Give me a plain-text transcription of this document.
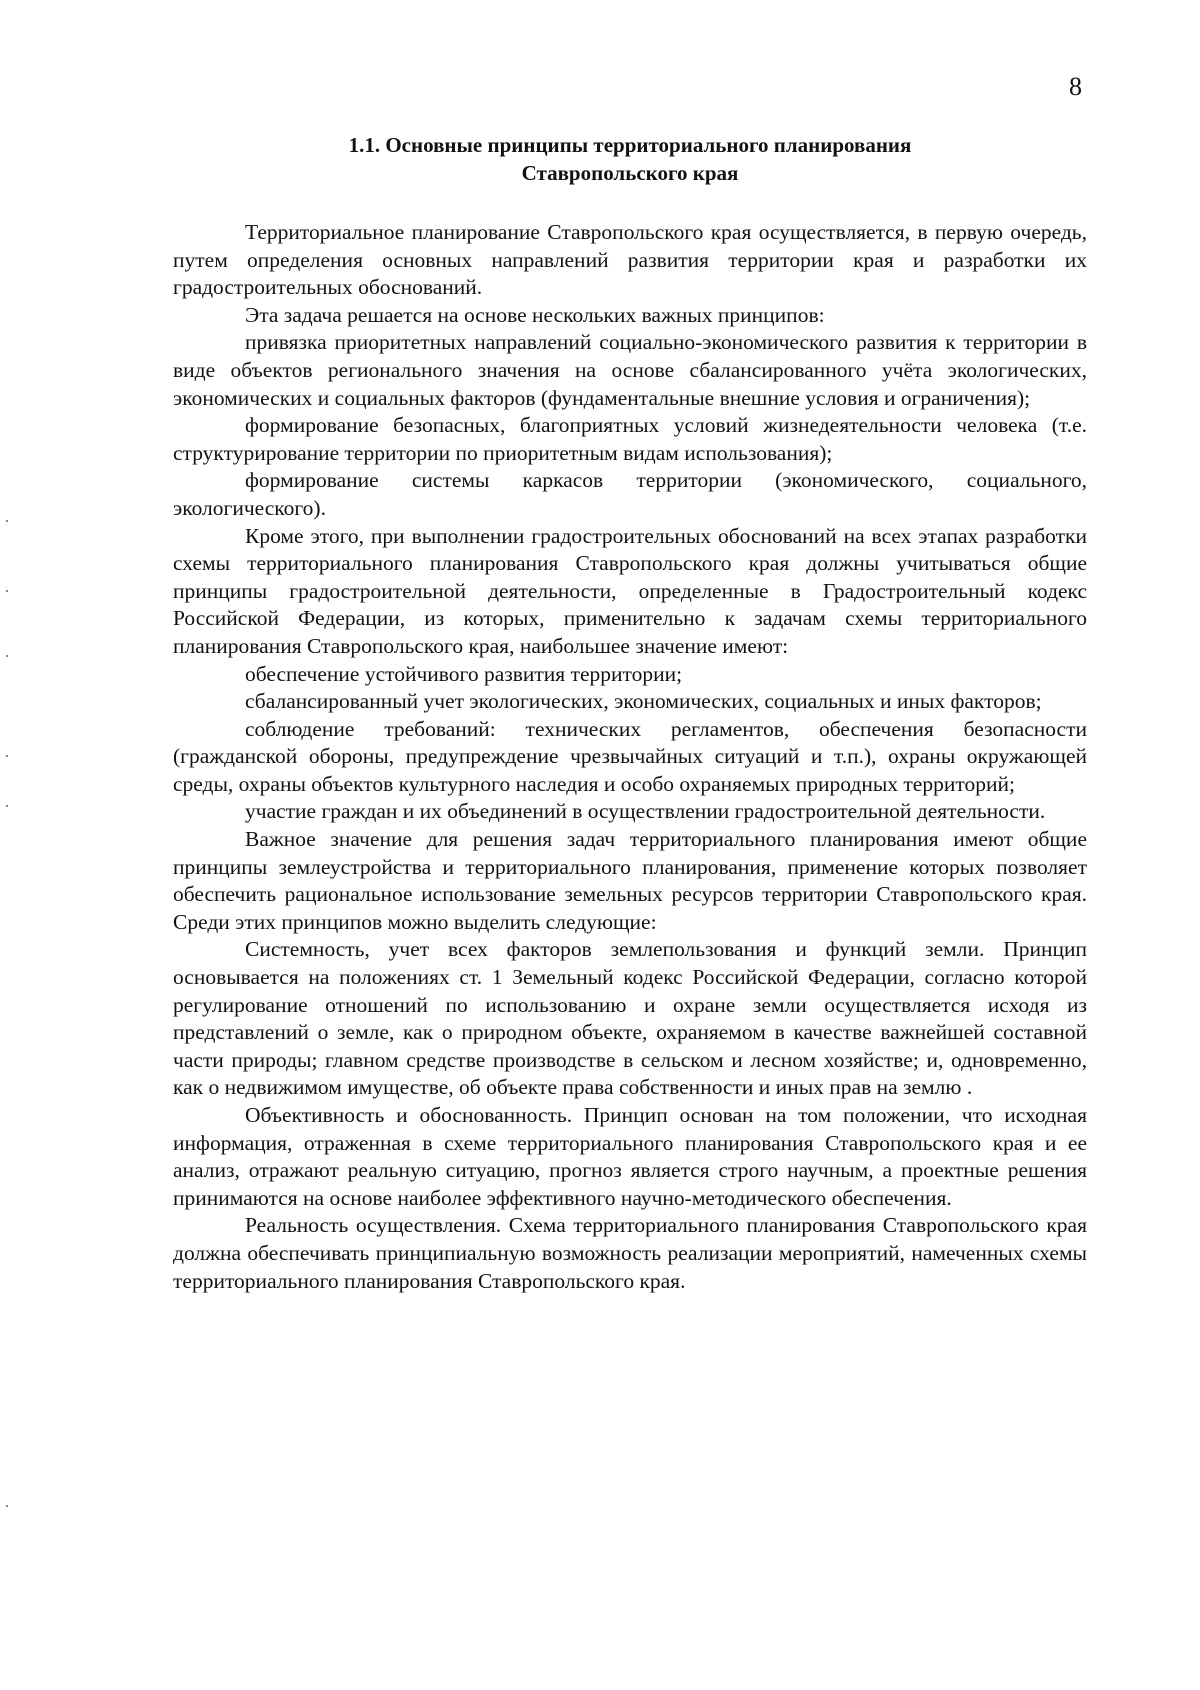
8
1.1. Основные принципы территориального планирования
Ставропольского края

Территориальное планирование Ставропольского края осуществляется, в первую очередь, путем определения основных направлений развития территории края и разработки их градостроительных обоснований.

Эта задача решается на основе нескольких важных принципов:

привязка приоритетных направлений социально-экономического развития к территории в виде объектов регионального значения на основе сбалансированного учёта экологических, экономических и социальных факторов (фундаментальные внешние условия и ограничения);

формирование безопасных, благоприятных условий жизнедеятельности человека (т.е. структурирование территории по приоритетным видам использования);

формирование системы каркасов территории (экономического, социального, экологического).

Кроме этого, при выполнении градостроительных обоснований на всех этапах разработки схемы территориального планирования Ставропольского края должны учитываться общие принципы градостроительной деятельности, определенные в Градостроительный кодекс Российской Федерации, из которых, применительно к задачам схемы территориального планирования Ставропольского края, наибольшее значение имеют:

обеспечение устойчивого развития территории;

сбалансированный учет экологических, экономических, социальных и иных факторов;

соблюдение требований: технических регламентов, обеспечения безопасности (гражданской обороны, предупреждение чрезвычайных ситуаций и т.п.), охраны окружающей среды, охраны объектов культурного наследия и особо охраняемых природных территорий;

участие граждан и их объединений в осуществлении градостроительной деятельности.

Важное значение для решения задач территориального планирования имеют общие принципы землеустройства и территориального планирования, применение которых позволяет обеспечить рациональное использование земельных ресурсов территории Ставропольского края. Среди этих принципов можно выделить следующие:

Системность, учет всех факторов землепользования и функций земли. Принцип основывается на положениях ст. 1 Земельный кодекс Российской Федерации, согласно которой регулирование отношений по использованию и охране земли осуществляется исходя из представлений о земле, как о природном объекте, охраняемом в качестве важнейшей составной части природы; главном средстве производстве в сельском и лесном хозяйстве; и, одновременно, как о недвижимом имуществе, об объекте права собственности и иных прав на землю .

Объективность и обоснованность. Принцип основан на том положении, что исходная информация, отраженная в схеме территориального планирования Ставропольского края и ее анализ, отражают реальную ситуацию, прогноз является строго научным, а проектные решения принимаются на основе наиболее эффективного научно-методического обеспечения.

Реальность осуществления. Схема территориального планирования Ставропольского края должна обеспечивать принципиальную возможность реализации мероприятий, намеченных схемы территориального планирования Ставропольского края.
